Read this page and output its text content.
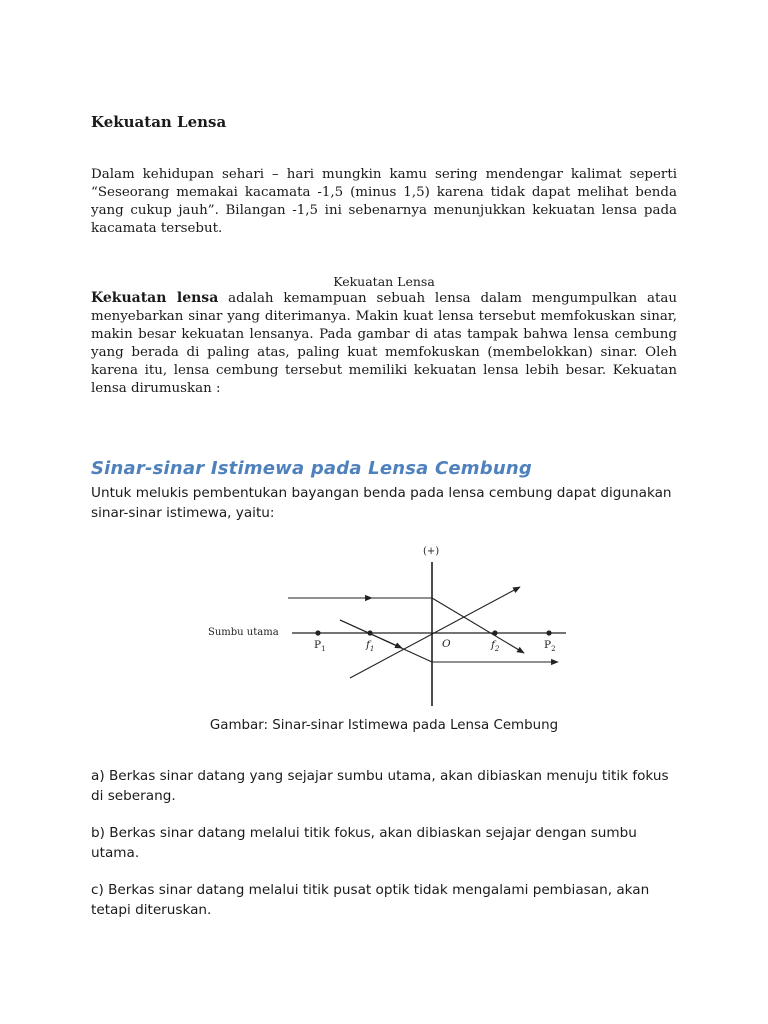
Kekuatan Lensa

Dalam kehidupan sehari – hari mungkin kamu sering mendengar kalimat seperti “Seseorang memakai kacamata -1,5 (minus 1,5) karena tidak dapat melihat benda yang cukup jauh”. Bilangan -1,5 ini sebenarnya menunjukkan kekuatan lensa pada kacamata tersebut.

Kekuatan Lensa

Kekuatan lensa adalah kemampuan sebuah lensa dalam mengumpulkan atau menyebarkan sinar yang diterimanya. Makin kuat lensa tersebut memfokuskan sinar, makin besar kekuatan lensanya. Pada gambar di atas tampak bahwa lensa cembung yang berada di paling atas, paling kuat memfokuskan (membelokkan) sinar. Oleh karena itu, lensa cembung tersebut memiliki kekuatan lensa lebih besar. Kekuatan lensa dirumuskan :

Sinar-sinar Istimewa pada Lensa Cembung

Untuk melukis pembentukan bayangan benda pada lensa cembung dapat digunakan sinar-sinar istimewa, yaitu:

(+)
Sumbu utama
$P_1$	$f_1$	O	$f_2$	$P_2$

Gambar: Sinar-sinar Istimewa pada Lensa Cembung

a) Berkas sinar datang yang sejajar sumbu utama, akan dibiaskan menuju titik fokus di seberang.

b) Berkas sinar datang melalui titik fokus, akan dibiaskan sejajar dengan sumbu utama.

c) Berkas sinar datang melalui titik pusat optik tidak mengalami pembiasan, akan tetapi diteruskan.
